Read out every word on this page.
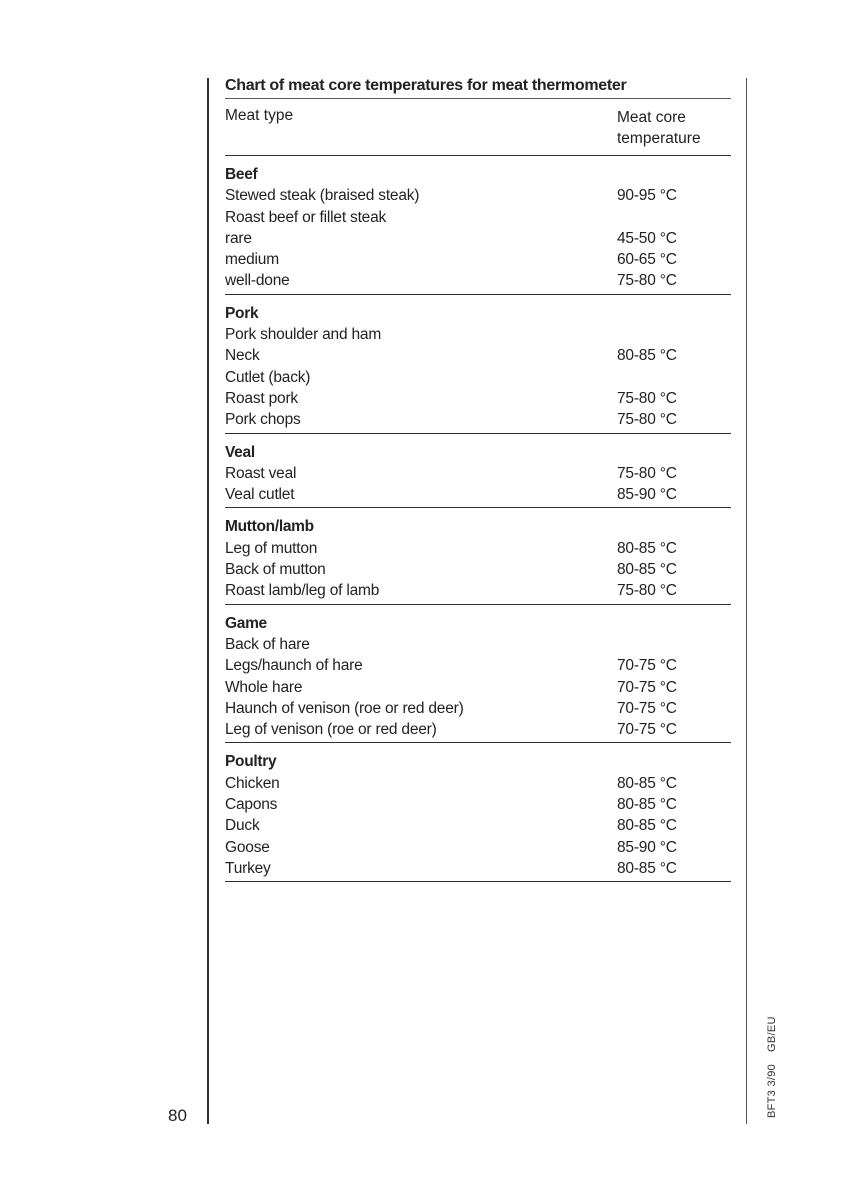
Chart of meat core temperatures for meat thermometer
Meat type	Meat core
temperature
Beef
Stewed steak (braised steak)	90-95 °C
Roast beef or fillet steak
rare	45-50 °C
medium	60-65 °C
well-done	75-80 °C
Pork
Pork shoulder and ham
Neck	80-85 °C
Cutlet (back)
Roast pork	75-80 °C
Pork chops	75-80 °C
Veal
Roast veal	75-80 °C
Veal cutlet	85-90 °C
Mutton/lamb
Leg of mutton	80-85 °C
Back of mutton	80-85 °C
Roast lamb/leg of lamb	75-80 °C
Game
Back of hare
Legs/haunch of hare	70-75 °C
Whole hare	70-75 °C
Haunch of venison (roe or red deer)	70-75 °C
Leg of venison (roe or red deer)	70-75 °C
Poultry
Chicken	80-85 °C
Capons	80-85 °C
Duck	80-85 °C
Goose	85-90 °C
Turkey	80-85 °C
80	BFT3 3/90GB/EU
